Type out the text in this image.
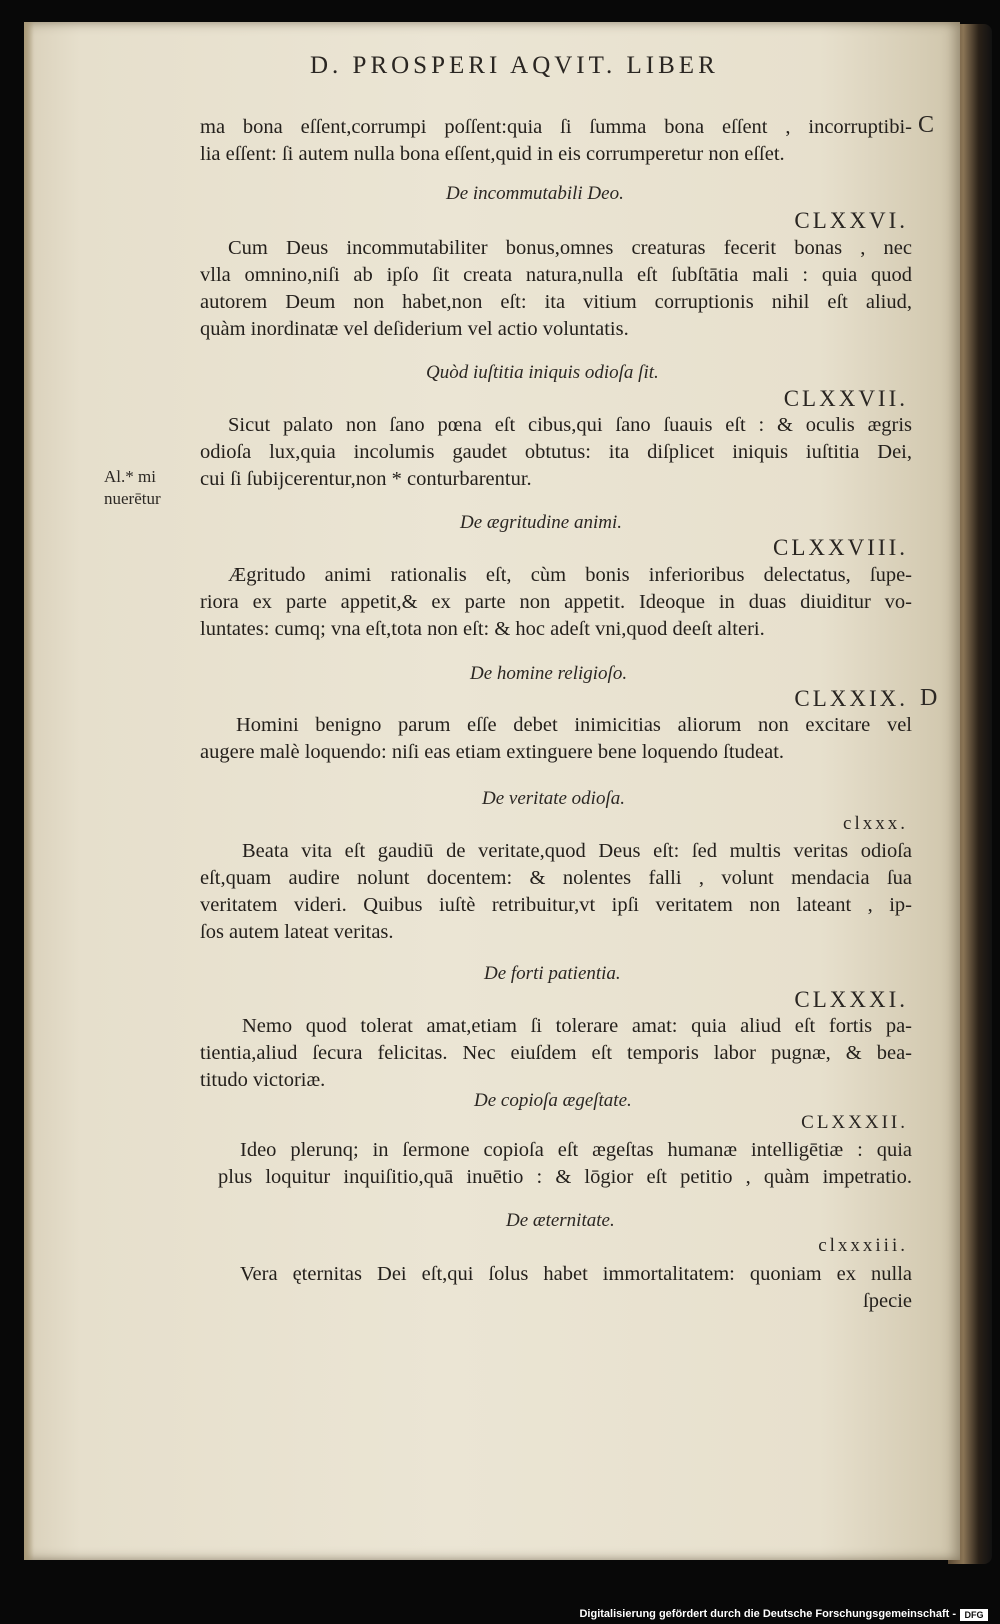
D. PROSPERI AQVIT. LIBER
C
D
Al.* mi
nuerētur
ma bona eſſent,corrumpi poſſent:quia ſi ſumma bona eſſent , incorruptibi-
lia eſſent: ſi autem nulla bona eſſent,quid in eis corrumperetur non eſſet.
De incommutabili Deo.
CLXXVI.
Cum Deus incommutabiliter bonus,omnes creaturas fecerit bonas , nec
vlla omnino,niſi ab ipſo ſit creata natura,nulla eſt ſubſtātia mali : quia quod
autorem Deum non habet,non eſt: ita vitium corruptionis nihil eſt aliud,
quàm inordinatæ vel deſiderium vel actio voluntatis.
Quòd iuſtitia iniquis odioſa ſit.
CLXXVII.
Sicut palato non ſano pœna eſt cibus,qui ſano ſuauis eſt : & oculis ægris
odioſa lux,quia incolumis gaudet obtutus: ita diſplicet iniquis iuſtitia Dei,
cui ſi ſubijcerentur,non * conturbarentur.
De ægritudine animi.
CLXXVIII.
Ægritudo animi rationalis eſt, cùm bonis inferioribus delectatus, ſupe-
riora ex parte appetit,& ex parte non appetit. Ideoque in duas diuiditur vo-
luntates: cumq; vna eſt,tota non eſt: & hoc adeſt vni,quod deeſt alteri.
De homine religioſo.
CLXXIX.
Homini benigno parum eſſe debet inimicitias aliorum non excitare vel
augere malè loquendo: niſi eas etiam extinguere bene loquendo ſtudeat.
De veritate odioſa.
clxxx.
Beata vita eſt gaudiū de veritate,quod Deus eſt: ſed multis veritas odioſa
eſt,quam audire nolunt docentem: & nolentes falli , volunt mendacia ſua
veritatem videri. Quibus iuſtè retribuitur,vt ipſi veritatem non lateant , ip-
ſos autem lateat veritas.
De forti patientia.
CLXXXI.
Nemo quod tolerat amat,etiam ſi tolerare amat: quia aliud eſt fortis pa-
tientia,aliud ſecura felicitas. Nec eiuſdem eſt temporis labor pugnæ, & bea-
titudo victoriæ.
De copioſa ægeſtate.
CLXXXII.
Ideo plerunq; in ſermone copioſa eſt ægeſtas humanæ intelligētiæ : quia
plus loquitur inquiſitio,quā inuētio : & lōgior eſt petitio , quàm impetratio.
De æternitate.
clxxxiii.
Vera ęternitas Dei eſt,qui ſolus habet immortalitatem: quoniam ex nulla
ſpecie
Digitalisierung gefördert durch die Deutsche Forschungsgemeinschaft - DFG
